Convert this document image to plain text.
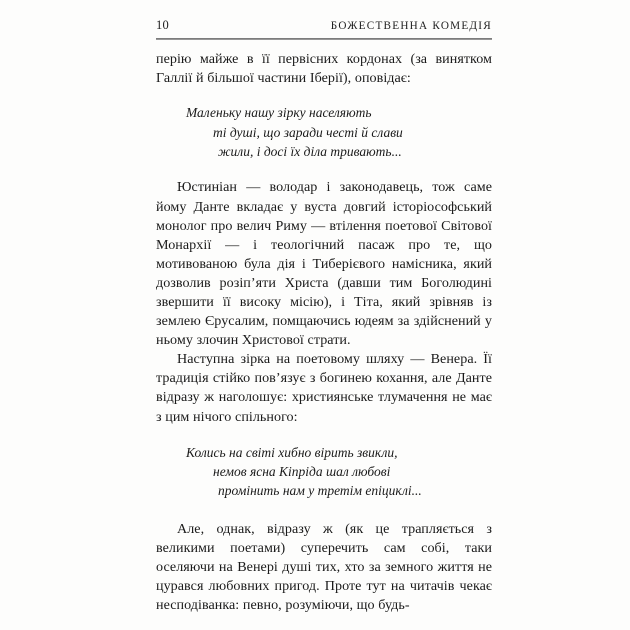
10	БОЖЕСТВЕННА КОМЕДІЯ

перію майже в її первісних кордонах (за винятком Галлії й більшої частини Іберії), оповідає:

Маленьку нашу зірку населяють
ті душі, що заради честі й слави
жили, і досі їх діла тривають...

Юстиніан — володар і законодавець, тож саме йому Данте вкладає у вуста довгий історіософський монолог про велич Риму — втілення поетової Світової Монархії — і теологічний пасаж про те, що мотивованою була дія і Тиберієвого намісника, який дозволив розіп’яти Христа (давши тим Боголюдині звершити її високу місію), і Тіта, який зрівняв із землею Єрусалим, помщаючись юдеям за здійснений у ньому злочин Христової страти.

Наступна зірка на поетовому шляху — Венера. Її традиція стійко пов’язує з богинею кохання, але Данте відразу ж наголошує: християнське тлумачення не має з цим нічого спільного:

Колись на світі хибно вірить звикли,
немов ясна Кіпріда шал любові
промінить нам у третім епіциклі...

Але, однак, відразу ж (як це трапляється з великими поетами) суперечить сам собі, таки оселяючи на Венері душі тих, хто за земного життя не цурався любовних пригод. Проте тут на читачів чекає несподіванка: певно, розуміючи, що будь-
